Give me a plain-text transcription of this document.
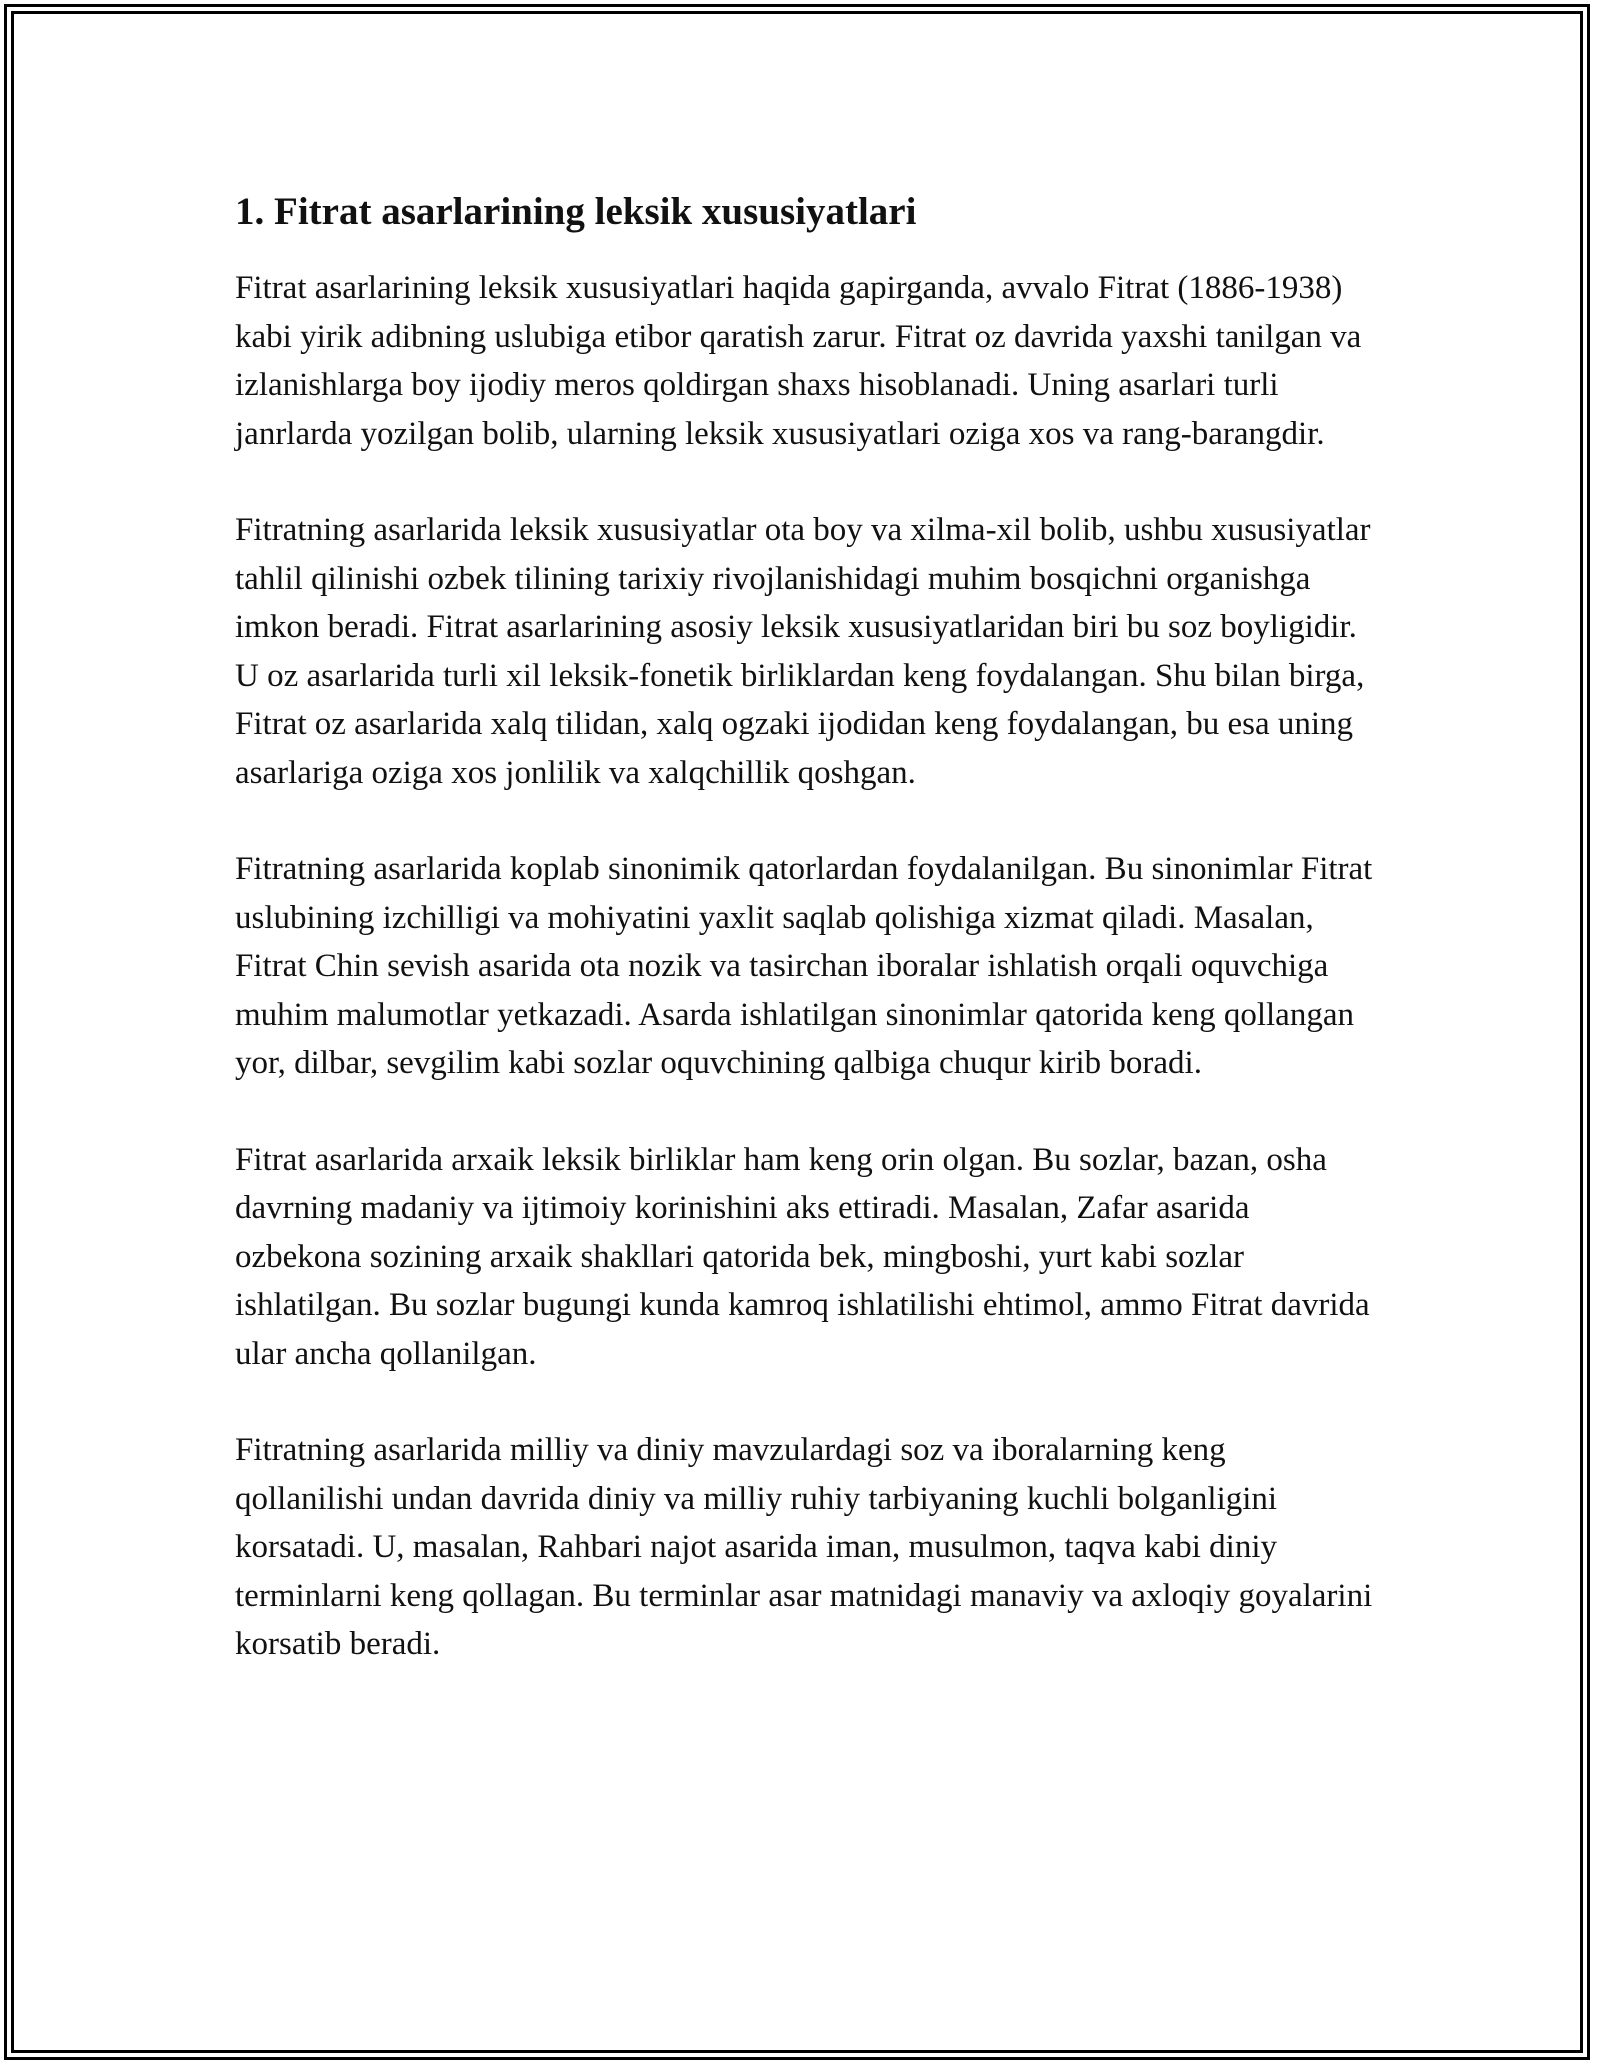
1. Fitrat asarlarining leksik xususiyatlari

Fitrat asarlarining leksik xususiyatlari haqida gapirganda, avvalo Fitrat (1886-1938) kabi yirik adibning uslubiga etibor qaratish zarur. Fitrat oz davrida yaxshi tanilgan va izlanishlarga boy ijodiy meros qoldirgan shaxs hisoblanadi. Uning asarlari turli janrlarda yozilgan bolib, ularning leksik xususiyatlari oziga xos va rang-barangdir.

Fitratning asarlarida leksik xususiyatlar ota boy va xilma-xil bolib, ushbu xususiyatlar tahlil qilinishi ozbek tilining tarixiy rivojlanishidagi muhim bosqichni organishga imkon beradi. Fitrat asarlarining asosiy leksik xususiyatlaridan biri bu soz boyligidir. U oz asarlarida turli xil leksik-fonetik birliklardan keng foydalangan. Shu bilan birga, Fitrat oz asarlarida xalq tilidan, xalq ogzaki ijodidan keng foydalangan, bu esa uning asarlariga oziga xos jonlilik va xalqchillik qoshgan.

Fitratning asarlarida koplab sinonimik qatorlardan foydalanilgan. Bu sinonimlar Fitrat uslubining izchilligi va mohiyatini yaxlit saqlab qolishiga xizmat qiladi. Masalan, Fitrat Chin sevish asarida ota nozik va tasirchan iboralar ishlatish orqali oquvchiga muhim malumotlar yetkazadi. Asarda ishlatilgan sinonimlar qatorida keng qollangan yor, dilbar, sevgilim kabi sozlar oquvchining qalbiga chuqur kirib boradi.

Fitrat asarlarida arxaik leksik birliklar ham keng orin olgan. Bu sozlar, bazan, osha davrning madaniy va ijtimoiy korinishini aks ettiradi. Masalan, Zafar asarida ozbekona sozining arxaik shakllari qatorida bek, mingboshi, yurt kabi sozlar ishlatilgan. Bu sozlar bugungi kunda kamroq ishlatilishi ehtimol, ammo Fitrat davrida ular ancha qollanilgan.

Fitratning asarlarida milliy va diniy mavzulardagi soz va iboralarning keng qollanilishi undan davrida diniy va milliy ruhiy tarbiyaning kuchli bolganligini korsatadi. U, masalan, Rahbari najot asarida iman, musulmon, taqva kabi diniy terminlarni keng qollagan. Bu terminlar asar matnidagi manaviy va axloqiy goyalarini korsatib beradi.
